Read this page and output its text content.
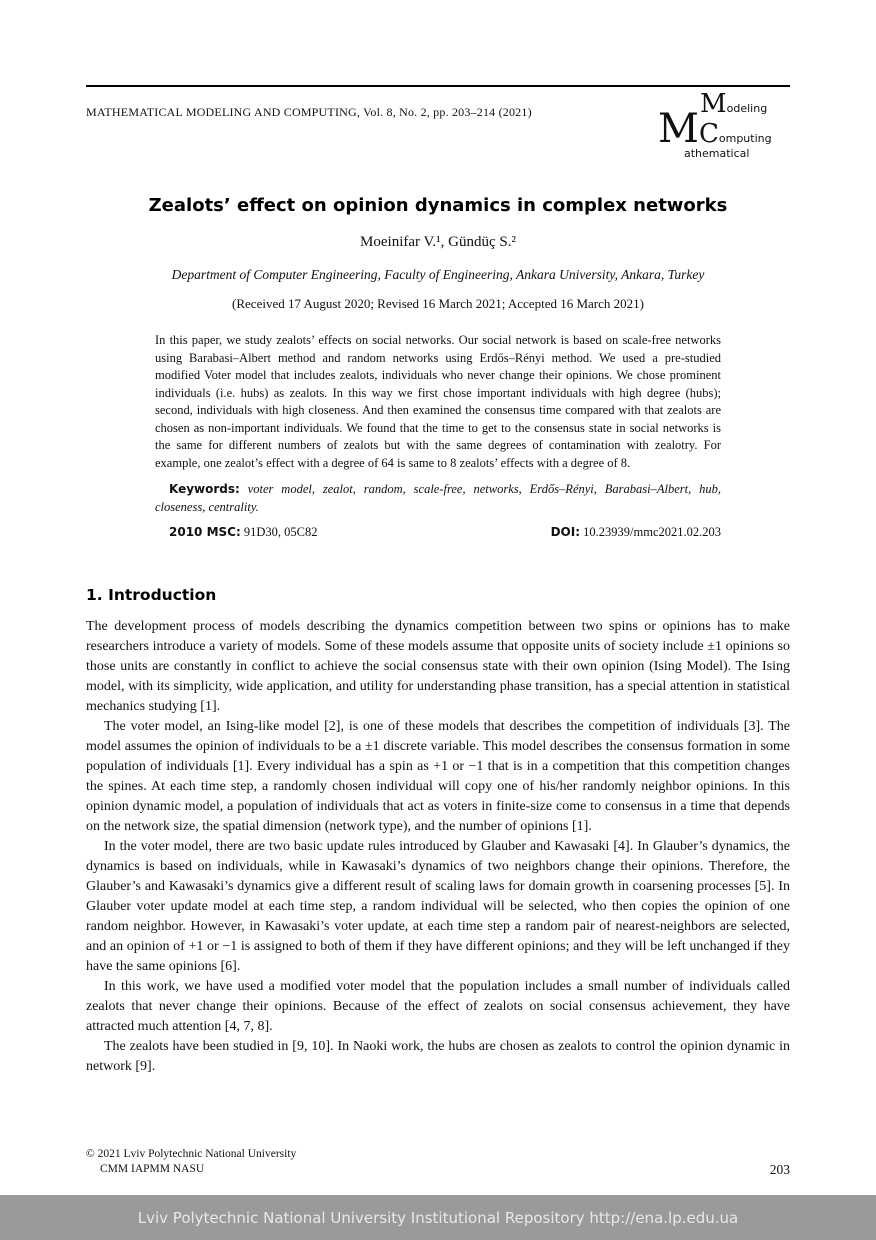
MATHEMATICAL MODELING AND COMPUTING, Vol. 8, No. 2, pp. 203–214 (2021)	Modeling
MComputing
athematical
Zealots’ effect on opinion dynamics in complex networks
Moeinifar V.¹, Gündüç S.²
Department of Computer Engineering, Faculty of Engineering, Ankara University, Ankara, Turkey
(Received 17 August 2020; Revised 16 March 2021; Accepted 16 March 2021)
In this paper, we study zealots’ effects on social networks. Our social network is based on scale-free networks using Barabasi–Albert method and random networks using Erdős–Rényi method. We used a pre-studied modified Voter model that includes zealots, individuals who never change their opinions. We chose prominent individuals (i.e. hubs) as zealots. In this way we first chose important individuals with high degree (hubs); second, individuals with high closeness. And then examined the consensus time compared with that zealots are chosen as non-important individuals. We found that the time to get to the consensus state in social networks is the same for different numbers of zealots but with the same degrees of contamination with zealotry. For example, one zealot’s effect with a degree of 64 is same to 8 zealots’ effects with a degree of 8.
Keywords: voter model, zealot, random, scale-free, networks, Erdős–Rényi, Barabasi–Albert, hub, closeness, centrality.
2010 MSC: 91D30, 05C82	DOI: 10.23939/mmc2021.02.203
1. Introduction

The development process of models describing the dynamics competition between two spins or opinions has to make researchers introduce a variety of models. Some of these models assume that opposite units of society include ±1 opinions so those units are constantly in conflict to achieve the social consensus state with their own opinion (Ising Model). The Ising model, with its simplicity, wide application, and utility for understanding phase transition, has a special attention in statistical mechanics studying [1].

The voter model, an Ising-like model [2], is one of these models that describes the competition of individuals [3]. The model assumes the opinion of individuals to be a ±1 discrete variable. This model describes the consensus formation in some population of individuals [1]. Every individual has a spin as +1 or −1 that is in a competition that this competition changes the spines. At each time step, a randomly chosen individual will copy one of his/her randomly neighbor opinions. In this opinion dynamic model, a population of individuals that act as voters in finite-size come to consensus in a time that depends on the network size, the spatial dimension (network type), and the number of opinions [1].

In the voter model, there are two basic update rules introduced by Glauber and Kawasaki [4]. In Glauber’s dynamics, the dynamics is based on individuals, while in Kawasaki’s dynamics of two neighbors change their opinions. Therefore, the Glauber’s and Kawasaki’s dynamics give a different result of scaling laws for domain growth in coarsening processes [5]. In Glauber voter update model at each time step, a random individual will be selected, who then copies the opinion of one random neighbor. However, in Kawasaki’s voter update, at each time step a random pair of nearest-neighbors are selected, and an opinion of +1 or −1 is assigned to both of them if they have different opinions; and they will be left unchanged if they have the same opinions [6].

In this work, we have used a modified voter model that the population includes a small number of individuals called zealots that never change their opinions. Because of the effect of zealots on social consensus achievement, they have attracted much attention [4, 7, 8].

The zealots have been studied in [9, 10]. In Naoki work, the hubs are chosen as zealots to control the opinion dynamic in network [9].

© 2021 Lviv Polytechnic National University
CMM IAPMM NASU	203
Lviv Polytechnic National University Institutional Repository http://ena.lp.edu.ua
